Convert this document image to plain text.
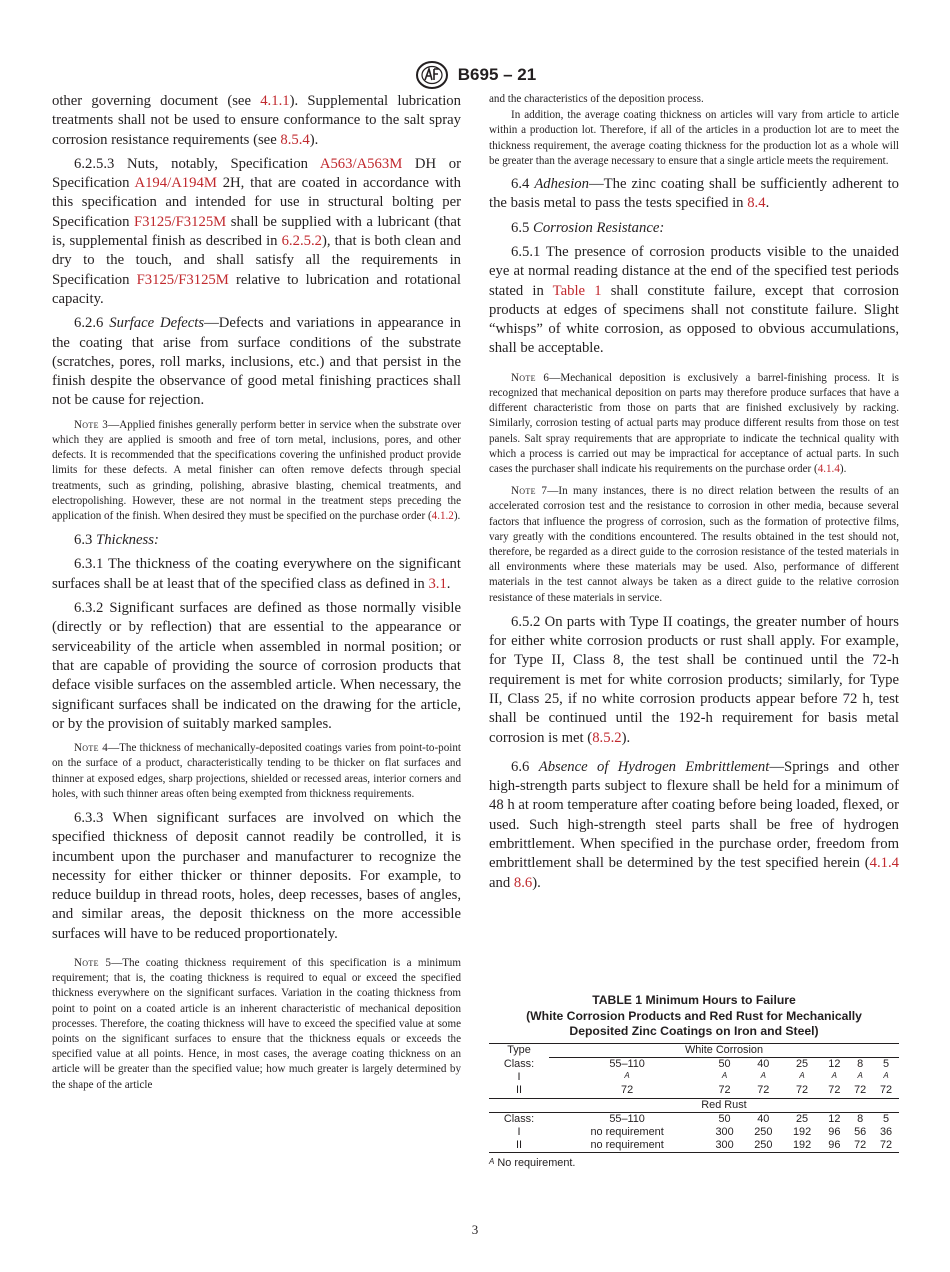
B695 – 21

other governing document (see 4.1.1). Supplemental lubrication treatments shall not be used to ensure conformance to the salt spray corrosion resistance requirements (see 8.5.4).

6.2.5.3 Nuts, notably, Specification A563/A563M DH or Specification A194/A194M 2H, that are coated in accordance with this specification and intended for use in structural bolting per Specification F3125/F3125M shall be supplied with a lubricant (that is, supplemental finish as described in 6.2.5.2), that is both clean and dry to the touch, and shall satisfy all the requirements in Specification F3125/F3125M relative to lubrication and rotational capacity.

6.2.6 Surface Defects—Defects and variations in appearance in the coating that arise from surface conditions of the substrate (scratches, pores, roll marks, inclusions, etc.) and that persist in the finish despite the observance of good metal finishing practices shall not be cause for rejection.

Note 3—Applied finishes generally perform better in service when the substrate over which they are applied is smooth and free of torn metal, inclusions, pores, and other defects. It is recommended that the specifications covering the unfinished product provide limits for these defects. A metal finisher can often remove defects through special treatments, such as grinding, polishing, abrasive blasting, chemical treatments, and electropolishing. However, these are not normal in the treatment steps preceding the application of the finish. When desired they must be specified on the purchase order (4.1.2).

6.3 Thickness:

6.3.1 The thickness of the coating everywhere on the significant surfaces shall be at least that of the specified class as defined in 3.1.

6.3.2 Significant surfaces are defined as those normally visible (directly or by reflection) that are essential to the appearance or serviceability of the article when assembled in normal position; or that are capable of providing the source of corrosion products that deface visible surfaces on the assembled article. When necessary, the significant surfaces shall be indicated on the drawing for the article, or by the provision of suitably marked samples.

Note 4—The thickness of mechanically-deposited coatings varies from point-to-point on the surface of a product, characteristically tending to be thicker on flat surfaces and thinner at exposed edges, sharp projections, shielded or recessed areas, interior corners and holes, with such thinner areas often being exempted from thickness requirements.

6.3.3 When significant surfaces are involved on which the specified thickness of deposit cannot readily be controlled, it is incumbent upon the purchaser and manufacturer to recognize the necessity for either thicker or thinner deposits. For example, to reduce buildup in thread roots, holes, deep recesses, bases of angles, and similar areas, the deposit thickness on the more accessible surfaces will have to be reduced proportionately.

Note 5—The coating thickness requirement of this specification is a minimum requirement; that is, the coating thickness is required to equal or exceed the specified thickness everywhere on the significant surfaces. Variation in the coating thickness from point to point on a coated article is an inherent characteristic of mechanical deposition processes. Therefore, the coating thickness will have to exceed the specified value at some points on the significant surfaces to ensure that the thickness equals or exceeds the specified value at all points. Hence, in most cases, the average coating thickness on an article will be greater than the specified value; how much greater is largely determined by the shape of the article

and the characteristics of the deposition process.

In addition, the average coating thickness on articles will vary from article to article within a production lot. Therefore, if all of the articles in a production lot are to meet the thickness requirement, the average coating thickness for the production lot as a whole will be greater than the average necessary to ensure that a single article meets the requirement.

6.4 Adhesion—The zinc coating shall be sufficiently adherent to the basis metal to pass the tests specified in 8.4.

6.5 Corrosion Resistance:

6.5.1 The presence of corrosion products visible to the unaided eye at normal reading distance at the end of the specified test periods stated in Table 1 shall constitute failure, except that corrosion products at edges of specimens shall not constitute failure. Slight “whisps” of white corrosion, as opposed to obvious accumulations, shall be acceptable.

Note 6—Mechanical deposition is exclusively a barrel-finishing process. It is recognized that mechanical deposition on parts may therefore produce surfaces that have a different characteristic from those on parts that are finished exclusively by racking. Similarly, corrosion testing of actual parts may produce different results from those on test panels. Salt spray requirements that are appropriate to indicate the technical quality with which a process is carried out may be impractical for acceptance of actual parts. In such cases the purchaser shall indicate his requirements on the purchase order (4.1.4).

Note 7—In many instances, there is no direct relation between the results of an accelerated corrosion test and the resistance to corrosion in other media, because several factors that influence the progress of corrosion, such as the formation of protective films, vary greatly with the conditions encountered. The results obtained in the test should not, therefore, be regarded as a direct guide to the corrosion resistance of the tested materials in all environments where these materials may be used. Also, performance of different materials in the test cannot always be taken as a direct guide to the relative corrosion resistance of these materials in service.

6.5.2 On parts with Type II coatings, the greater number of hours for either white corrosion products or rust shall apply. For example, for Type II, Class 8, the test shall be continued until the 72-h requirement is met for white corrosion products; similarly, for Type II, Class 25, if no white corrosion products appear before 72 h, test shall be continued until the 192-h requirement for basis metal corrosion is met (8.5.2).

6.6 Absence of Hydrogen Embrittlement—Springs and other high-strength parts subject to flexure shall be held for a minimum of 48 h at room temperature after coating before being loaded, flexed, or used. Such high-strength steel parts shall be free of hydrogen embrittlement. When specified in the purchase order, freedom from embrittlement shall be determined by the test specified herein (4.1.4 and 8.6).

TABLE 1 Minimum Hours to Failure
(White Corrosion Products and Red Rust for Mechanically
Deposited Zinc Coatings on Iron and Steel)
Type	White Corrosion						
Class:	55–110	50	40	25	12	8	5
I	A	A	A	A	A	A	A
II	72	72	72	72	72	72	72
	Red Rust						
Class:	55–110	50	40	25	12	8	5
I	no requirement	300	250	192	96	56	36
II	no requirement	300	250	192	96	72	72
$^A$ No requirement.
3
